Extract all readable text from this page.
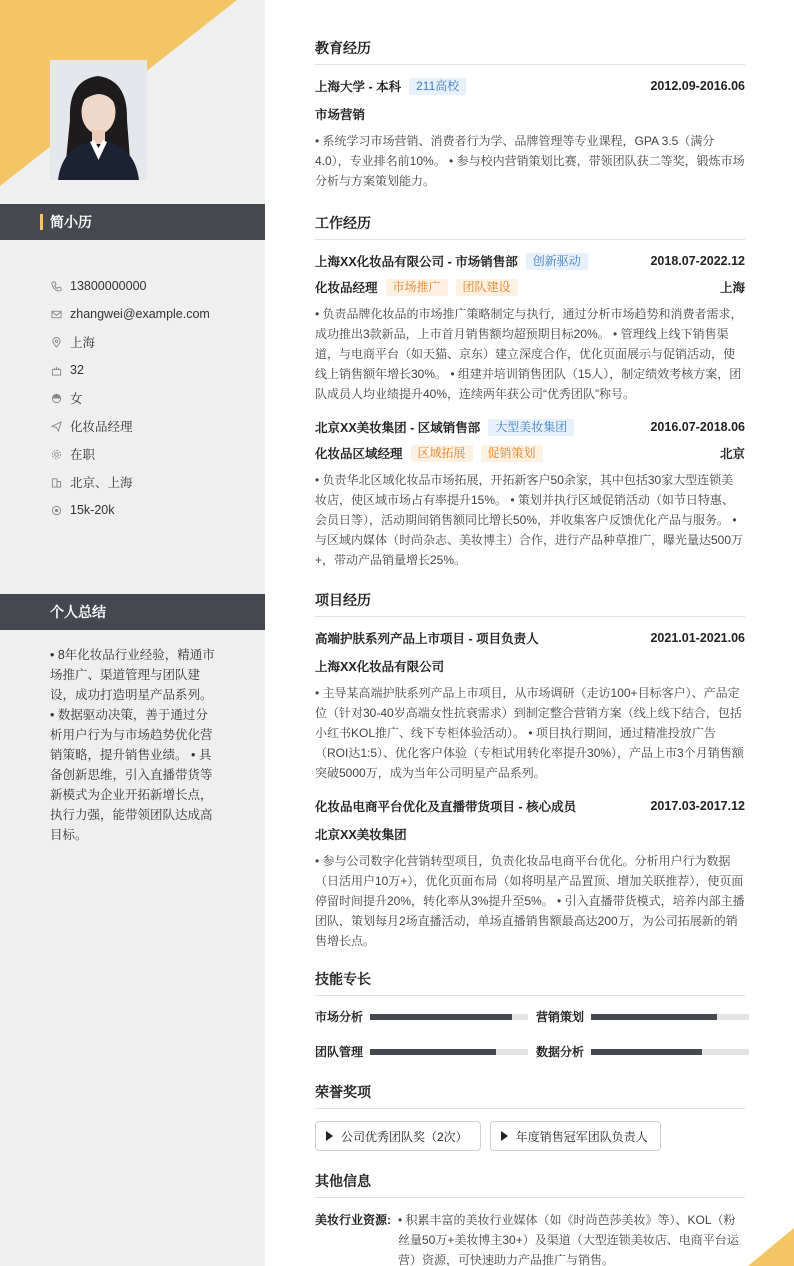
简小历
13800000000
zhangwei@example.com
上海
32
女
化妆品经理
在职
北京、上海
15k-20k
个人总结
• 8年化妆品行业经验，精通市场推广、渠道管理与团队建设，成功打造明星产品系列。 • 数据驱动决策，善于通过分析用户行为与市场趋势优化营销策略，提升销售业绩。 • 具备创新思维，引入直播带货等新模式为企业开拓新增长点，执行力强，能带领团队达成高目标。
教育经历
上海大学 - 本科	211高校	2012.09-2016.06
市场营销
• 系统学习市场营销、消费者行为学、品牌管理等专业课程，GPA 3.5（满分4.0），专业排名前10%。 • 参与校内营销策划比赛，带领团队获二等奖，锻炼市场分析与方案策划能力。
工作经历
上海XX化妆品有限公司 - 市场销售部	创新驱动	2018.07-2022.12
化妆品经理	市场推广	团队建设	上海
• 负责品牌化妆品的市场推广策略制定与执行，通过分析市场趋势和消费者需求，成功推出3款新品，上市首月销售额均超预期目标20%。 • 管理线上线下销售渠道，与电商平台（如天猫、京东）建立深度合作，优化页面展示与促销活动，使线上销售额年增长30%。 • 组建并培训销售团队（15人），制定绩效考核方案，团队成员人均业绩提升40%，连续两年获公司“优秀团队”称号。
北京XX美妆集团 - 区域销售部	大型美妆集团	2016.07-2018.06
化妆品区域经理	区域拓展	促销策划	北京
• 负责华北区域化妆品市场拓展，开拓新客户50余家，其中包括30家大型连锁美妆店，使区域市场占有率提升15%。 • 策划并执行区域促销活动（如节日特惠、会员日等），活动期间销售额同比增长50%，并收集客户反馈优化产品与服务。 • 与区域内媒体（时尚杂志、美妆博主）合作，进行产品种草推广，曝光量达500万+，带动产品销量增长25%。
项目经历
高端护肤系列产品上市项目 - 项目负责人	2021.01-2021.06
上海XX化妆品有限公司
• 主导某高端护肤系列产品上市项目，从市场调研（走访100+目标客户）、产品定位（针对30-40岁高端女性抗衰需求）到制定整合营销方案（线上线下结合，包括小红书KOL推广、线下专柜体验活动）。 • 项目执行期间，通过精准投放广告（ROI达1:5）、优化客户体验（专柜试用转化率提升30%），产品上市3个月销售额突破5000万，成为当年公司明星产品系列。
化妆品电商平台优化及直播带货项目 - 核心成员	2017.03-2017.12
北京XX美妆集团
• 参与公司数字化营销转型项目，负责化妆品电商平台优化。分析用户行为数据（日活用户10万+），优化页面布局（如将明星产品置顶、增加关联推荐），使页面停留时间提升20%，转化率从3%提升至5%。 • 引入直播带货模式，培养内部主播团队，策划每月2场直播活动，单场直播销售额最高达200万，为公司拓展新的销售增长点。
技能专长
市场分析	营销策划
团队管理	数据分析
荣誉奖项
公司优秀团队奖（2次）	年度销售冠军团队负责人
其他信息
美妆行业资源: • 积累丰富的美妆行业媒体（如《时尚芭莎美妆》等）、KOL（粉丝量50万+美妆博主30+）及渠道（大型连锁美妆店、电商平台运营）资源，可快速助力产品推广与销售。
